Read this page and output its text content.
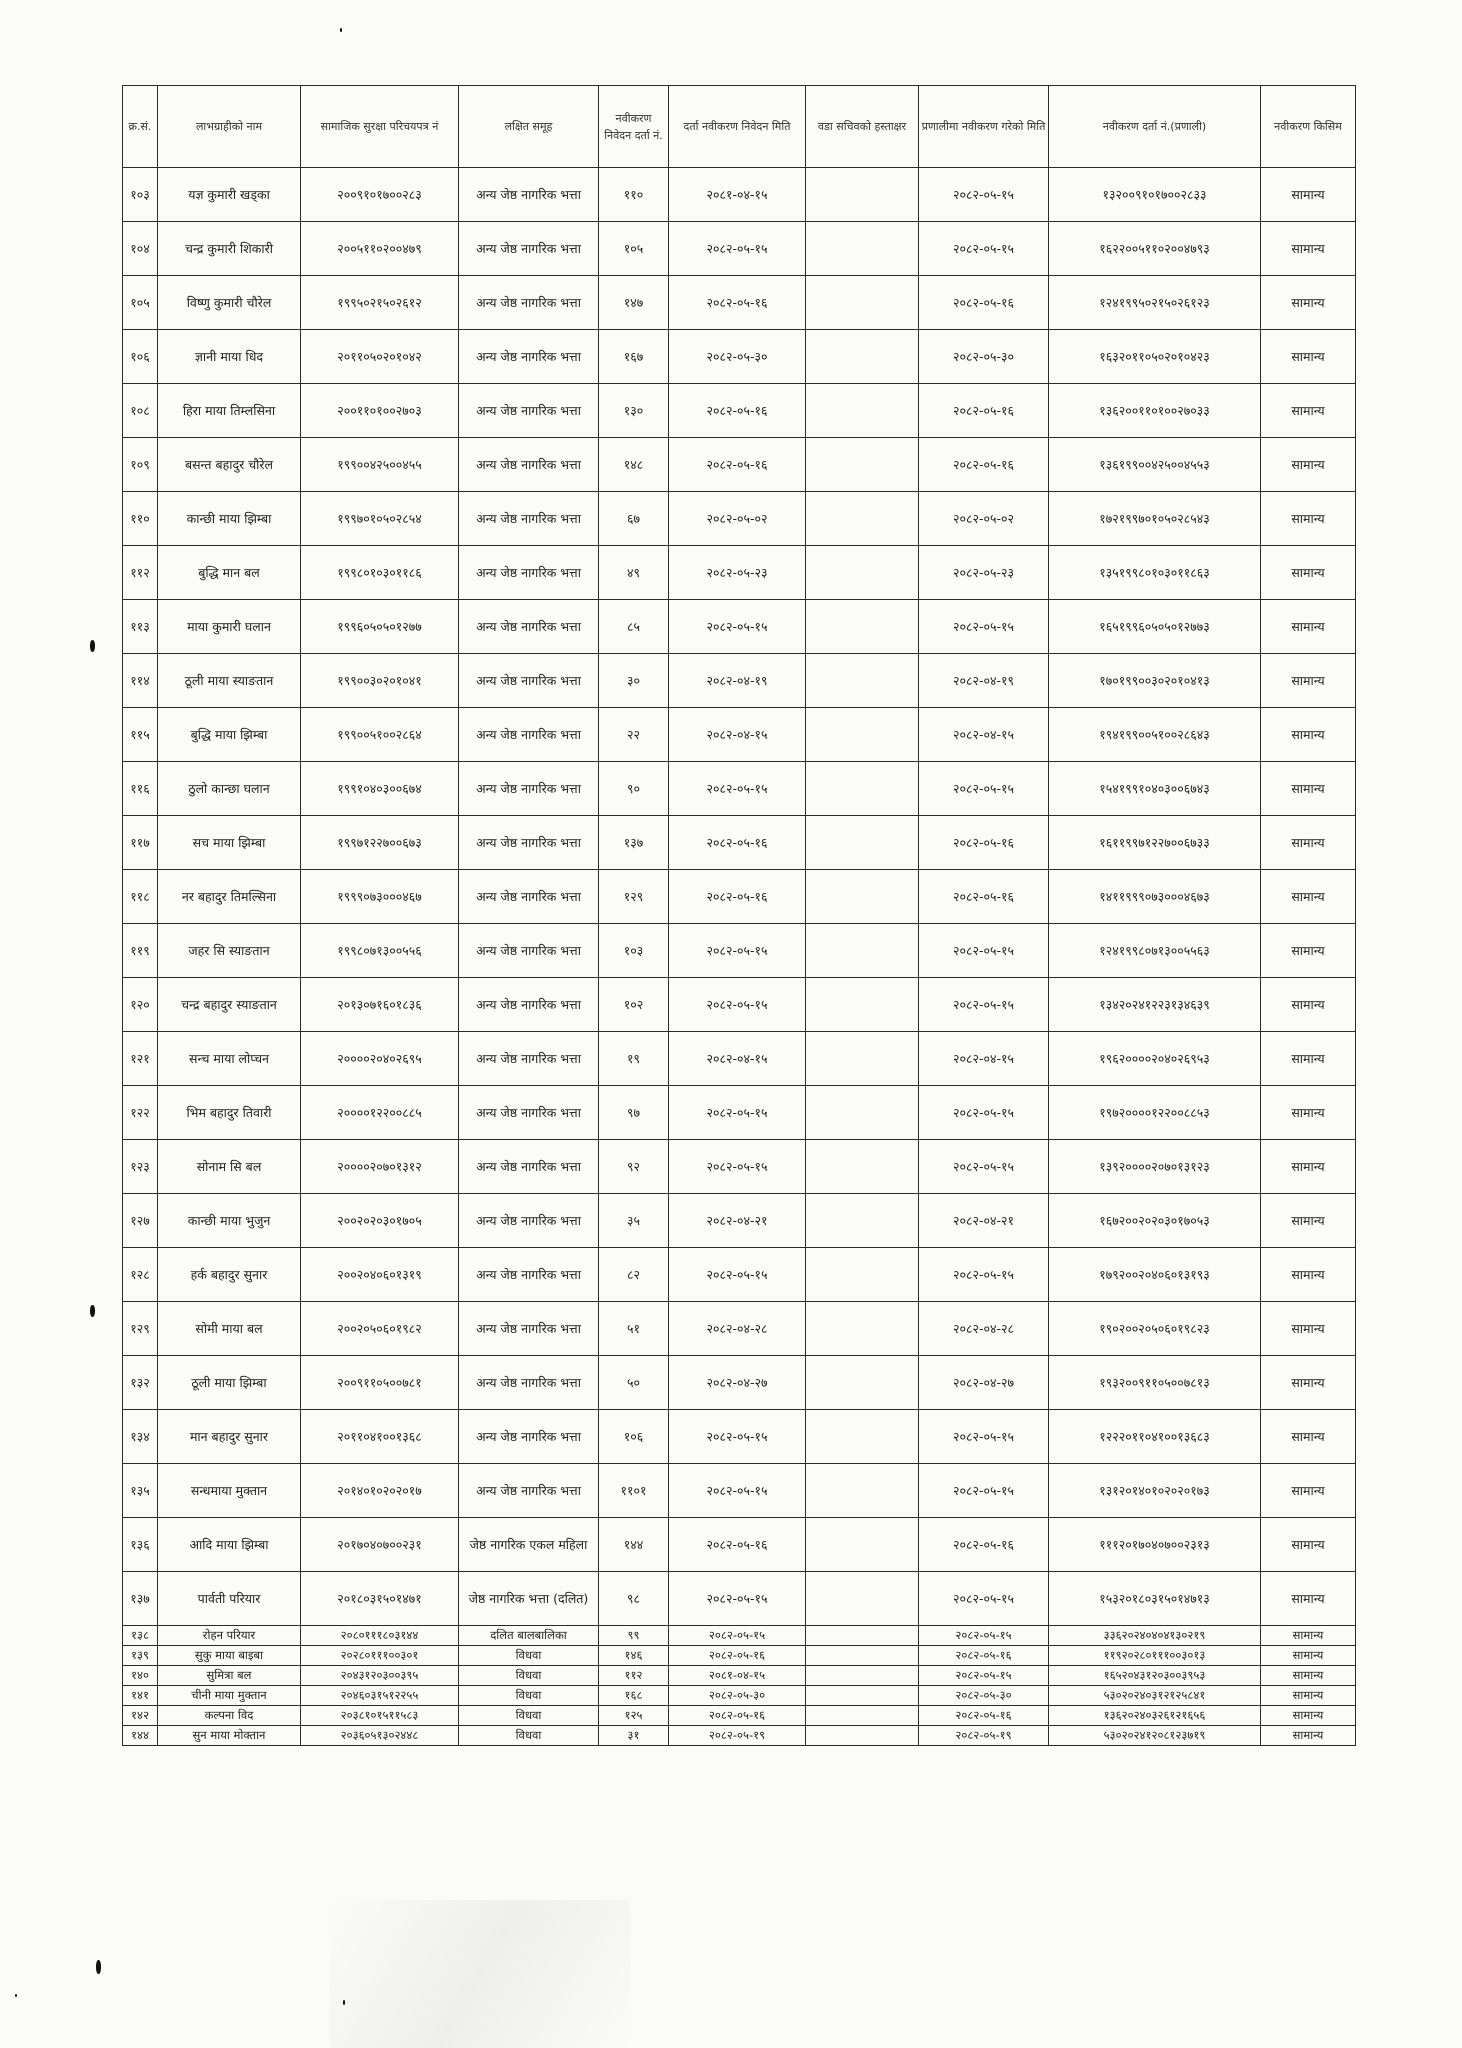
क्र.सं.	लाभग्राहीको नाम	सामाजिक सुरक्षा परिचयपत्र नं	लक्षित समूह	नवीकरण निवेदन दर्ता नं.	दर्ता नवीकरण निवेदन मिति	वडा सचिवको हस्ताक्षर	प्रणालीमा नवीकरण गरेको मिति	नवीकरण दर्ता नं.(प्रणाली)	नवीकरण किसिम
१०३	यज्ञ कुमारी खड्का	२००९१०१७००२८३	अन्य जेष्ठ नागरिक भत्ता	११०	२०८१-०४-१५		२०८२-०५-१५	१३२००९१०१७००२८३३	सामान्य
१०४	चन्द्र कुमारी शिकारी	२००५११०२००४७९	अन्य जेष्ठ नागरिक भत्ता	१०५	२०८२-०५-१५		२०८२-०५-१५	१६२२००५११०२००४७९३	सामान्य
१०५	विष्णु कुमारी चौरेल	१९९५०२१५०२६१२	अन्य जेष्ठ नागरिक भत्ता	१४७	२०८२-०५-१६		२०८२-०५-१६	१२४१९९५०२१५०२६१२३	सामान्य
१०६	ज्ञानी माया धिद	२०११०५०२०१०४२	अन्य जेष्ठ नागरिक भत्ता	१६७	२०८२-०५-३०		२०८२-०५-३०	१६३२०११०५०२०१०४२३	सामान्य
१०८	हिरा माया तिम्लसिना	२००११०१००२७०३	अन्य जेष्ठ नागरिक भत्ता	१३०	२०८२-०५-१६		२०८२-०५-१६	१३६२००११०१००२७०३३	सामान्य
१०९	बसन्त बहादुर चौरेल	१९९००४२५००४५५	अन्य जेष्ठ नागरिक भत्ता	१४८	२०८२-०५-१६		२०८२-०५-१६	१३६१९९००४२५००४५५३	सामान्य
११०	कान्छी माया झिम्बा	१९९७०१०५०२८५४	अन्य जेष्ठ नागरिक भत्ता	६७	२०८२-०५-०२		२०८२-०५-०२	१७२१९९७०१०५०२८५४३	सामान्य
११२	बुद्धि मान बल	१९९८०१०३०११८६	अन्य जेष्ठ नागरिक भत्ता	४९	२०८२-०५-२३		२०८२-०५-२३	१३५१९९८०१०३०११८६३	सामान्य
११३	माया कुमारी घलान	१९९६०५०५०१२७७	अन्य जेष्ठ नागरिक भत्ता	८५	२०८२-०५-१५		२०८२-०५-१५	१६५१९९६०५०५०१२७७३	सामान्य
११४	ठूली माया स्याङतान	१९९००३०२०१०४१	अन्य जेष्ठ नागरिक भत्ता	३०	२०८२-०४-१९		२०८२-०४-१९	१७०१९९००३०२०१०४१३	सामान्य
११५	बुद्धि माया झिम्बा	१९९००५१००२८६४	अन्य जेष्ठ नागरिक भत्ता	२२	२०८२-०४-१५		२०८२-०४-१५	१९४१९९००५१००२८६४३	सामान्य
११६	ठुलो कान्छा घलान	१९९१०४०३००६७४	अन्य जेष्ठ नागरिक भत्ता	९०	२०८२-०५-१५		२०८२-०५-१५	१५४१९९१०४०३००६७४३	सामान्य
११७	सच माया झिम्बा	१९९७१२२७००६७३	अन्य जेष्ठ नागरिक भत्ता	१३७	२०८२-०५-१६		२०८२-०५-१६	१६११९९७१२२७००६७३३	सामान्य
११८	नर बहादुर तिमल्सिना	१९९९०७३०००४६७	अन्य जेष्ठ नागरिक भत्ता	१२९	२०८२-०५-१६		२०८२-०५-१६	१४११९९९०७३०००४६७३	सामान्य
११९	जहर सि स्याङतान	१९९८०७१३००५५६	अन्य जेष्ठ नागरिक भत्ता	१०३	२०८२-०५-१५		२०८२-०५-१५	१२४१९९८०७१३००५५६३	सामान्य
१२०	चन्द्र बहादुर स्याङतान	२०१३०७१६०१८३६	अन्य जेष्ठ नागरिक भत्ता	१०२	२०८२-०५-१५		२०८२-०५-१५	१३४२०२४१२२३१३४६३९	सामान्य
१२१	सन्च माया लोप्चन	२००००२०४०२६९५	अन्य जेष्ठ नागरिक भत्ता	१९	२०८२-०४-१५		२०८२-०४-१५	१९६२००००२०४०२६९५३	सामान्य
१२२	भिम बहादुर तिवारी	२००००१२२००८८५	अन्य जेष्ठ नागरिक भत्ता	९७	२०८२-०५-१५		२०८२-०५-१५	१९७२००००१२२००८८५३	सामान्य
१२३	सोनाम सि बल	२००००२०७०१३१२	अन्य जेष्ठ नागरिक भत्ता	९२	२०८२-०५-१५		२०८२-०५-१५	१३९२००००२०७०१३१२३	सामान्य
१२७	कान्छी माया भुजुन	२००२०२०३०१७०५	अन्य जेष्ठ नागरिक भत्ता	३५	२०८२-०४-२१		२०८२-०४-२१	१६७२००२०२०३०१७०५३	सामान्य
१२८	हर्क बहादुर सुनार	२००२०४०६०१३१९	अन्य जेष्ठ नागरिक भत्ता	८२	२०८२-०५-१५		२०८२-०५-१५	१७९२००२०४०६०१३१९३	सामान्य
१२९	सोमी माया बल	२००२०५०६०१९८२	अन्य जेष्ठ नागरिक भत्ता	५१	२०८२-०४-२८		२०८२-०४-२८	१९०२००२०५०६०१९८२३	सामान्य
१३२	ठूली माया झिम्बा	२००९११०५००७८१	अन्य जेष्ठ नागरिक भत्ता	५०	२०८२-०४-२७		२०८२-०४-२७	१९३२००९११०५००७८१३	सामान्य
१३४	मान बहादुर सुनार	२०११०४१००१३६८	अन्य जेष्ठ नागरिक भत्ता	१०६	२०८२-०५-१५		२०८२-०५-१५	१२२२०११०४१००१३६८३	सामान्य
१३५	सन्धमाया मुक्तान	२०१४०१०२०२०१७	अन्य जेष्ठ नागरिक भत्ता	११०१	२०८२-०५-१५		२०८२-०५-१५	१३१२०१४०१०२०२०१७३	सामान्य
१३६	आदि माया झिम्बा	२०१७०४०७००२३१	जेष्ठ नागरिक एकल महिला	१४४	२०८२-०५-१६		२०८२-०५-१६	१११२०१७०४०७००२३१३	सामान्य
१३७	पार्वती परियार	२०१८०३१५०१४७१	जेष्ठ नागरिक भत्ता (दलित)	९८	२०८२-०५-१५		२०८२-०५-१५	१५३२०१८०३१५०१४७१३	सामान्य
१३८	रोहन परियार	२०८०१११८०३१४४	दलित बालबालिका	९९	२०८२-०५-१५		२०८२-०५-१५	३३६२०२४०४०४१३०२१९	सामान्य
१३९	सुकु माया बाइबा	२०२८०१११००३०१	विधवा	१४६	२०८२-०५-१६		२०८२-०५-१६	११९२०२८०१११००३०१३	सामान्य
१४०	सुमित्रा बल	२०४३१२०३००३९५	विधवा	११२	२०८१-०४-१५		२०८२-०५-१५	१६५२०४३१२०३००३९५३	सामान्य
१४१	चीनी माया मुक्तान	२०४६०३१५१२२५५	विधवा	१६८	२०८२-०५-३०		२०८२-०५-३०	५३०२०२४०३१२१२५८४१	सामान्य
१४२	कल्पना विद	२०३८१०१५११५८३	विधवा	१२५	२०८२-०५-१६		२०८२-०५-१६	१३६२०२४०३२६१२१६५६	सामान्य
१४४	सुन माया मोक्तान	२०३६०५१३०२४४८	विधवा	३१	२०८२-०५-१९		२०८२-०५-१९	५३०२०२४१२०८१२३७१९	सामान्य
